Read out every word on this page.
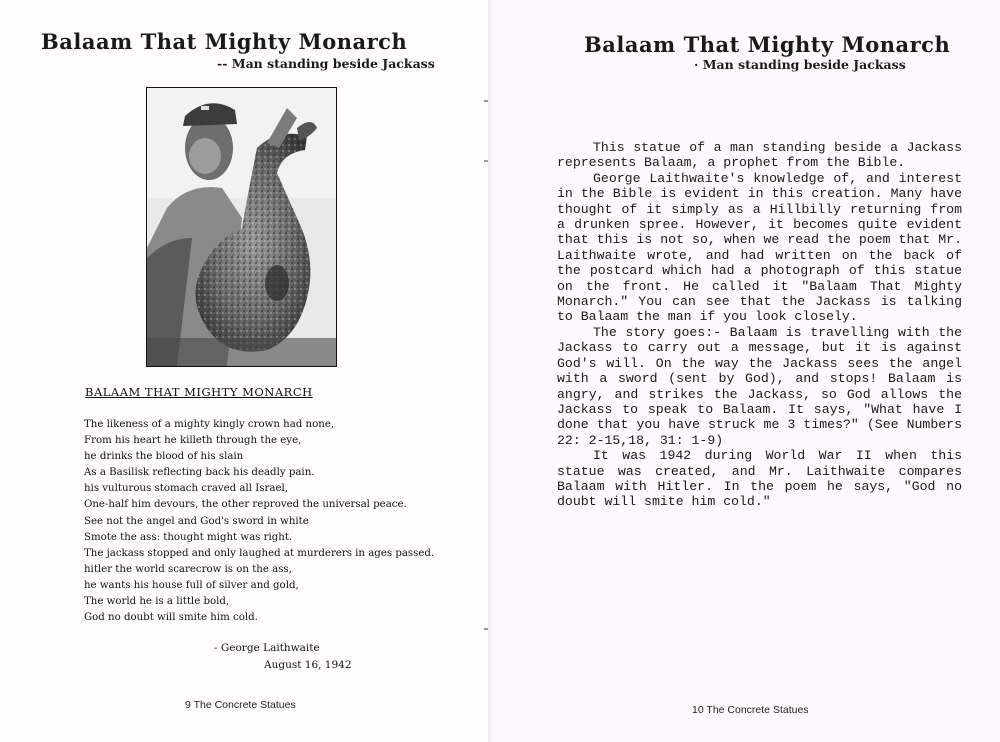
Balaam That Mighty Monarch
-- Man standing beside Jackass
BALAAM THAT MIGHTY MONARCH
The likeness of a mighty kingly crown had none,
From his heart he killeth through the eye,
he drinks the blood of his slain
As a Basilisk reflecting back his deadly pain.
his vulturous stomach craved all Israel,
One-half him devours, the other reproved the universal peace.
See not the angel and God's sword in white
Smote the ass: thought might was right.
The jackass stopped and only laughed at murderers in ages passed.
hitler the world scarecrow is on the ass,
he wants his house full of silver and gold,
The world he is a little bold,
God no doubt will smite him cold.
- George Laithwaite
August 16, 1942
9 The Concrete Statues
Balaam That Mighty Monarch
· Man standing beside Jackass

This statue of a man standing beside a Jackass represents Balaam, a prophet from the Bible.

George Laithwaite's knowledge of, and interest in the Bible is evident in this creation. Many have thought of it simply as a Hillbilly returning from a drunken spree. However, it becomes quite evident that this is not so, when we read the poem that Mr. Laithwaite wrote, and had written on the back of the postcard which had a photograph of this statue on the front. He called it "Balaam That Mighty Monarch." You can see that the Jackass is talking to Balaam the man if you look closely.

The story goes:- Balaam is travelling with the Jackass to carry out a message, but it is against God's will. On the way the Jackass sees the angel with a sword (sent by God), and stops! Balaam is angry, and strikes the Jackass, so God allows the Jackass to speak to Balaam. It says, "What have I done that you have struck me 3 times?" (See Numbers 22: 2-15,18, 31: 1-9)

It was 1942 during World War II when this statue was created, and Mr. Laithwaite compares Balaam with Hitler. In the poem he says, "God no doubt will smite him cold."

10 The Concrete Statues
